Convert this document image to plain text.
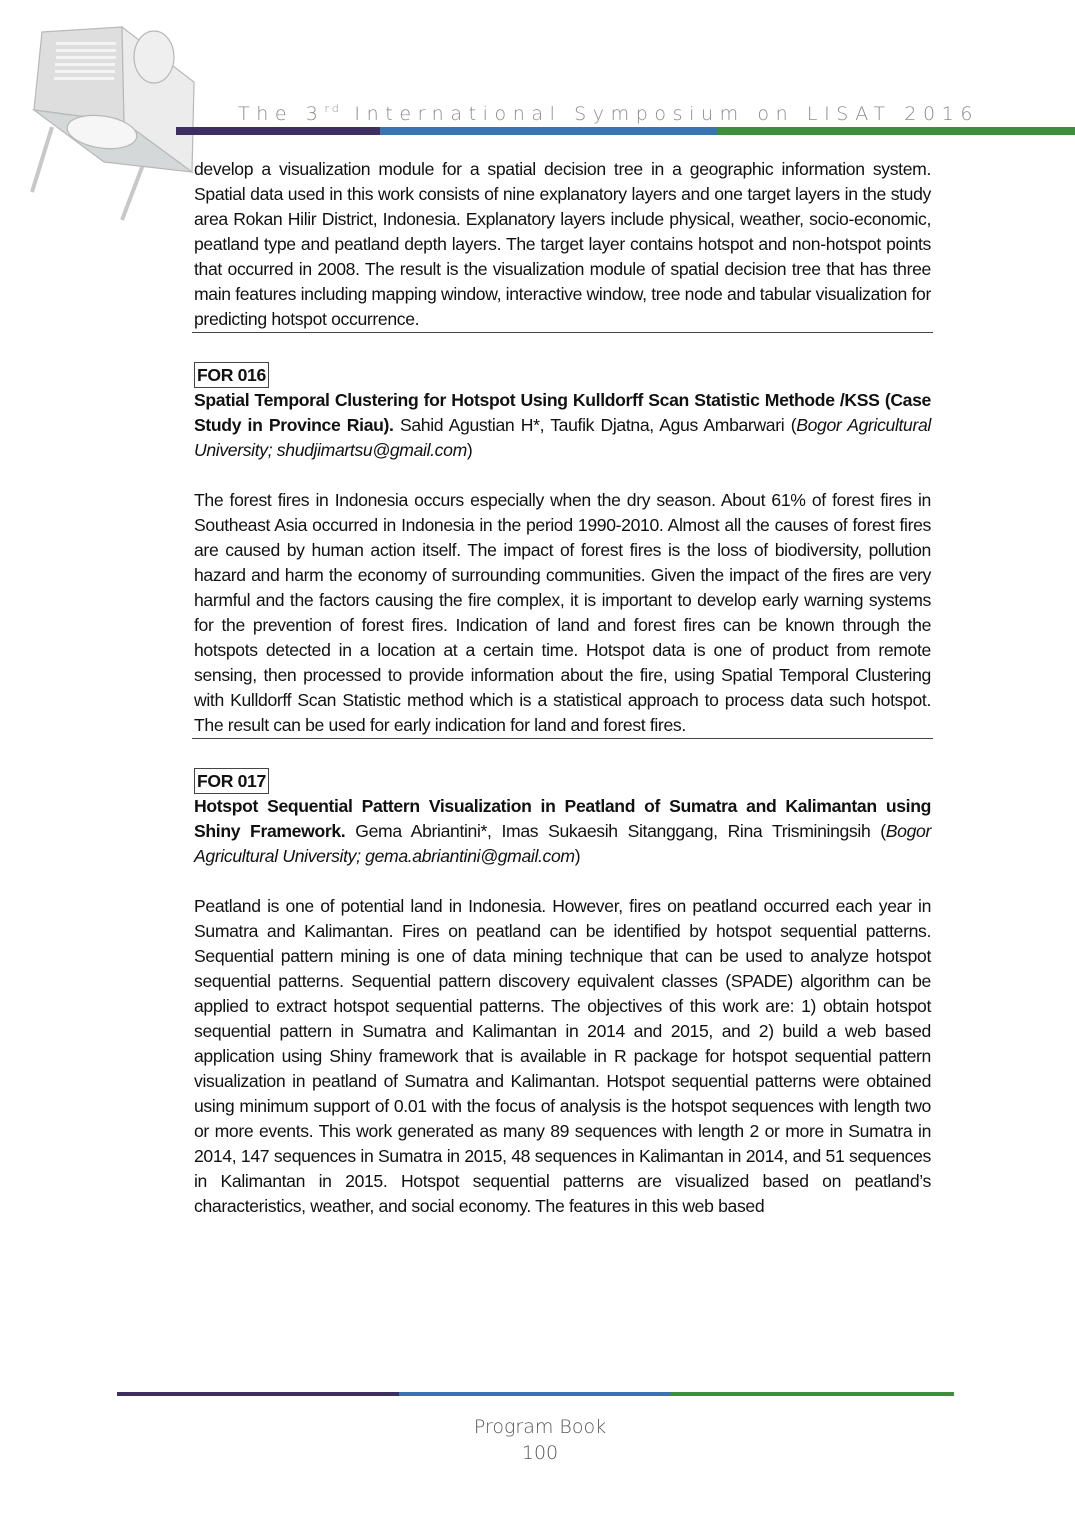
The 3rd International Symposium on LISAT 2016

develop a visualization module for a spatial decision tree in a geographic information system. Spatial data used in this work consists of nine explanatory layers and one target layers in the study area Rokan Hilir District, Indonesia. Explanatory layers include physical, weather, socio-economic, peatland type and peatland depth layers. The target layer contains hotspot and non-hotspot points that occurred in 2008. The result is the visualization module of spatial decision tree that has three main features including mapping window, interactive window, tree node and tabular visualization for predicting hotspot occurrence.

FOR 016

Spatial Temporal Clustering for Hotspot Using Kulldorff Scan Statistic Methode /KSS (Case Study in Province Riau). Sahid Agustian H*, Taufik Djatna, Agus Ambarwari (Bogor Agricultural University; shudjimartsu@gmail.com)

The forest fires in Indonesia occurs especially when the dry season. About 61% of forest fires in Southeast Asia occurred in Indonesia in the period 1990-2010. Almost all the causes of forest fires are caused by human action itself. The impact of forest fires is the loss of biodiversity, pollution hazard and harm the economy of surrounding communities. Given the impact of the fires are very harmful and the factors causing the fire complex, it is important to develop early warning systems for the prevention of forest fires. Indication of land and forest fires can be known through the hotspots detected in a location at a certain time. Hotspot data is one of product from remote sensing, then processed to provide information about the fire, using Spatial Temporal Clustering with Kulldorff Scan Statistic method which is a statistical approach to process data such hotspot. The result can be used for early indication for land and forest fires.

FOR 017

Hotspot Sequential Pattern Visualization in Peatland of Sumatra and Kalimantan using Shiny Framework. Gema Abriantini*, Imas Sukaesih Sitanggang, Rina Trisminingsih (Bogor Agricultural University; gema.abriantini@gmail.com)

Peatland is one of potential land in Indonesia. However, fires on peatland occurred each year in Sumatra and Kalimantan. Fires on peatland can be identified by hotspot sequential patterns. Sequential pattern mining is one of data mining technique that can be used to analyze hotspot sequential patterns. Sequential pattern discovery equivalent classes (SPADE) algorithm can be applied to extract hotspot sequential patterns. The objectives of this work are: 1) obtain hotspot sequential pattern in Sumatra and Kalimantan in 2014 and 2015, and 2) build a web based application using Shiny framework that is available in R package for hotspot sequential pattern visualization in peatland of Sumatra and Kalimantan. Hotspot sequential patterns were obtained using minimum support of 0.01 with the focus of analysis is the hotspot sequences with length two or more events. This work generated as many 89 sequences with length 2 or more in Sumatra in 2014, 147 sequences in Sumatra in 2015, 48 sequences in Kalimantan in 2014, and 51 sequences in Kalimantan in 2015. Hotspot sequential patterns are visualized based on peatland’s characteristics, weather, and social economy. The features in this web based

Program Book
100
